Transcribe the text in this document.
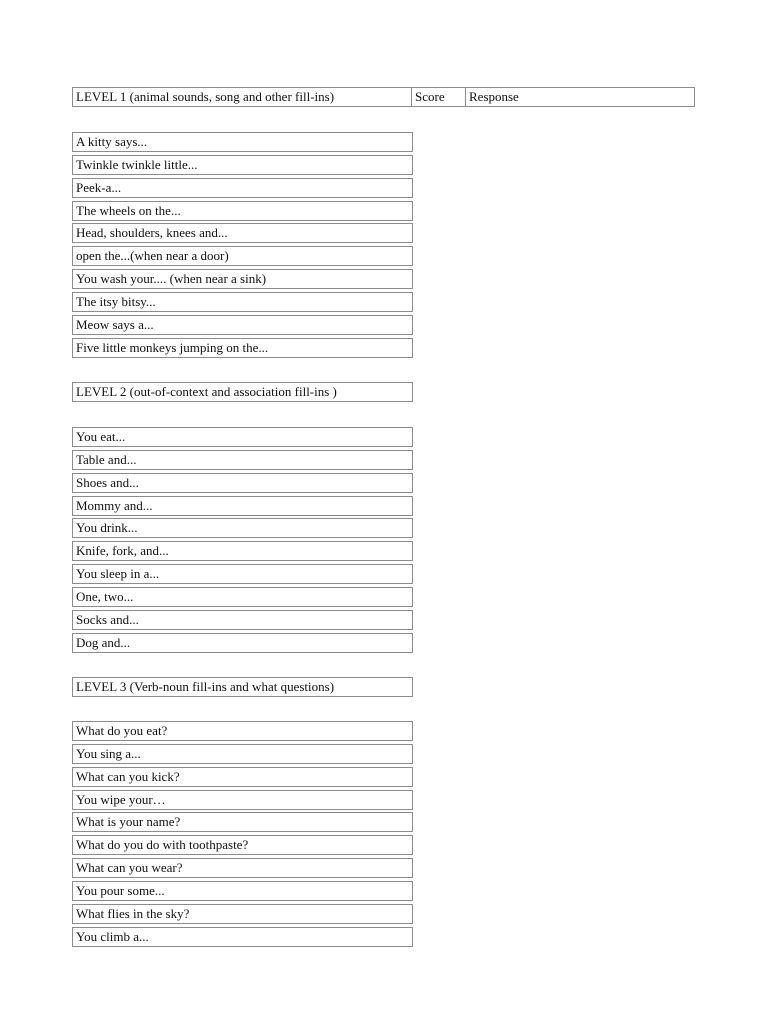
LEVEL 1 (animal sounds, song and other fill-ins)	Score	Response
A kitty says...
Twinkle twinkle little...
Peek-a...
The wheels on the...
Head, shoulders, knees and...
open the...(when near a door)
You wash your.... (when near a sink)
The itsy bitsy...
Meow says a...
Five little monkeys jumping on the...
LEVEL 2 (out-of-context and association fill-ins )
You eat...
Table and...
Shoes and...
Mommy and...
You drink...
Knife, fork, and...
You sleep in a...
One, two...
Socks and...
Dog and...
LEVEL 3 (Verb-noun fill-ins and what questions)
What do you eat?
You sing a...
What can you kick?
You wipe your…
What is your name?
What do you do with toothpaste?
What can you wear?
You pour some...
What flies in the sky?
You climb a...
